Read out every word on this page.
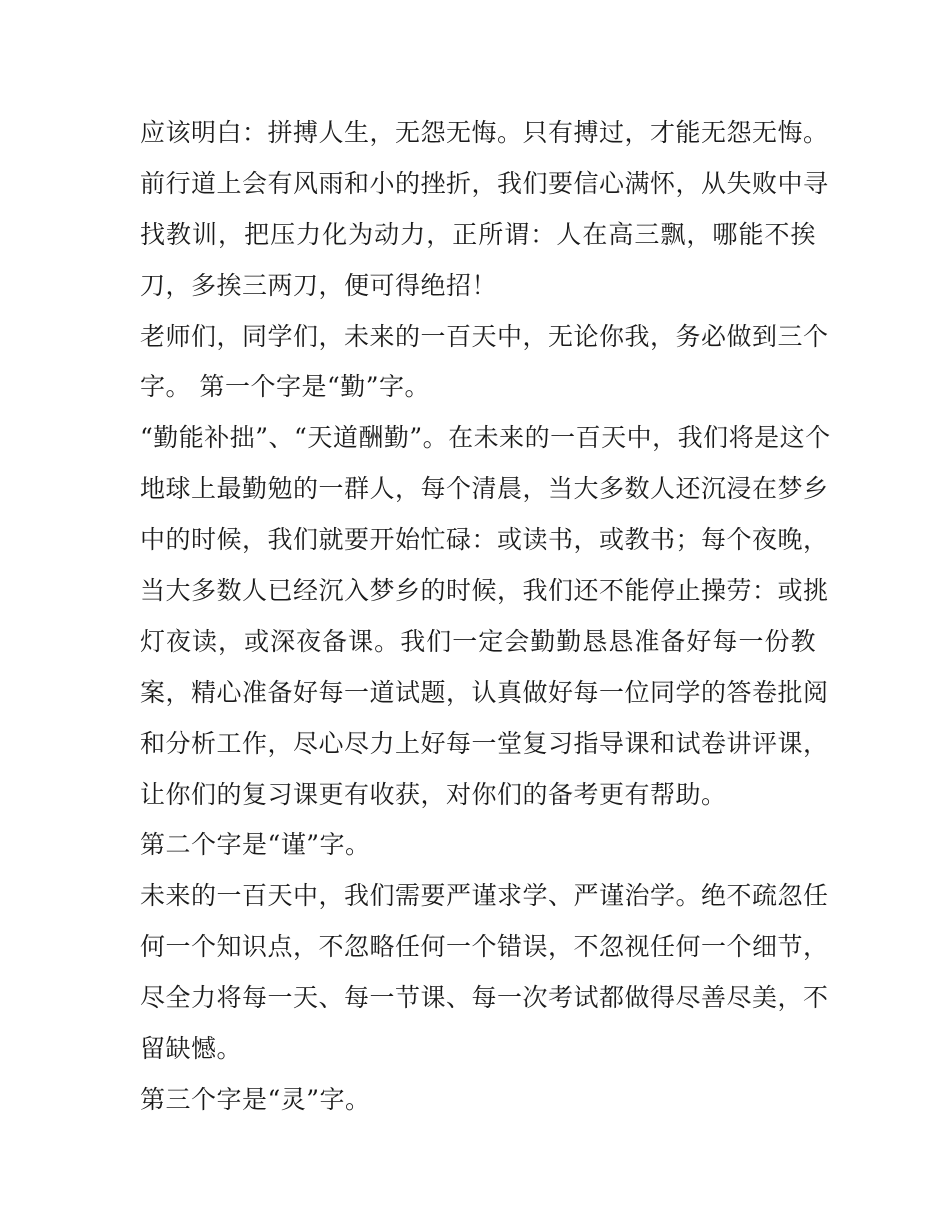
应该明白：拼搏人生，无怨无悔。只有搏过，才能无怨无悔。
前行道上会有风雨和小的挫折，我们要信心满怀，从失败中寻
找教训，把压力化为动力，正所谓：人在高三飘，哪能不挨
刀，多挨三两刀，便可得绝招！
老师们，同学们，未来的一百天中，无论你我，务必做到三个
字。 第一个字是“勤”字。
“勤能补拙”、“天道酬勤”。在未来的一百天中，我们将是这个
地球上最勤勉的一群人，每个清晨，当大多数人还沉浸在梦乡
中的时候，我们就要开始忙碌：或读书，或教书；每个夜晚，
当大多数人已经沉入梦乡的时候，我们还不能停止操劳：或挑
灯夜读，或深夜备课。我们一定会勤勤恳恳准备好每一份教
案，精心准备好每一道试题，认真做好每一位同学的答卷批阅
和分析工作，尽心尽力上好每一堂复习指导课和试卷讲评课，
让你们的复习课更有收获，对你们的备考更有帮助。
第二个字是“谨”字。
未来的一百天中，我们需要严谨求学、严谨治学。绝不疏忽任
何一个知识点，不忽略任何一个错误，不忽视任何一个细节，
尽全力将每一天、每一节课、每一次考试都做得尽善尽美，不
留缺憾。
第三个字是“灵”字。
